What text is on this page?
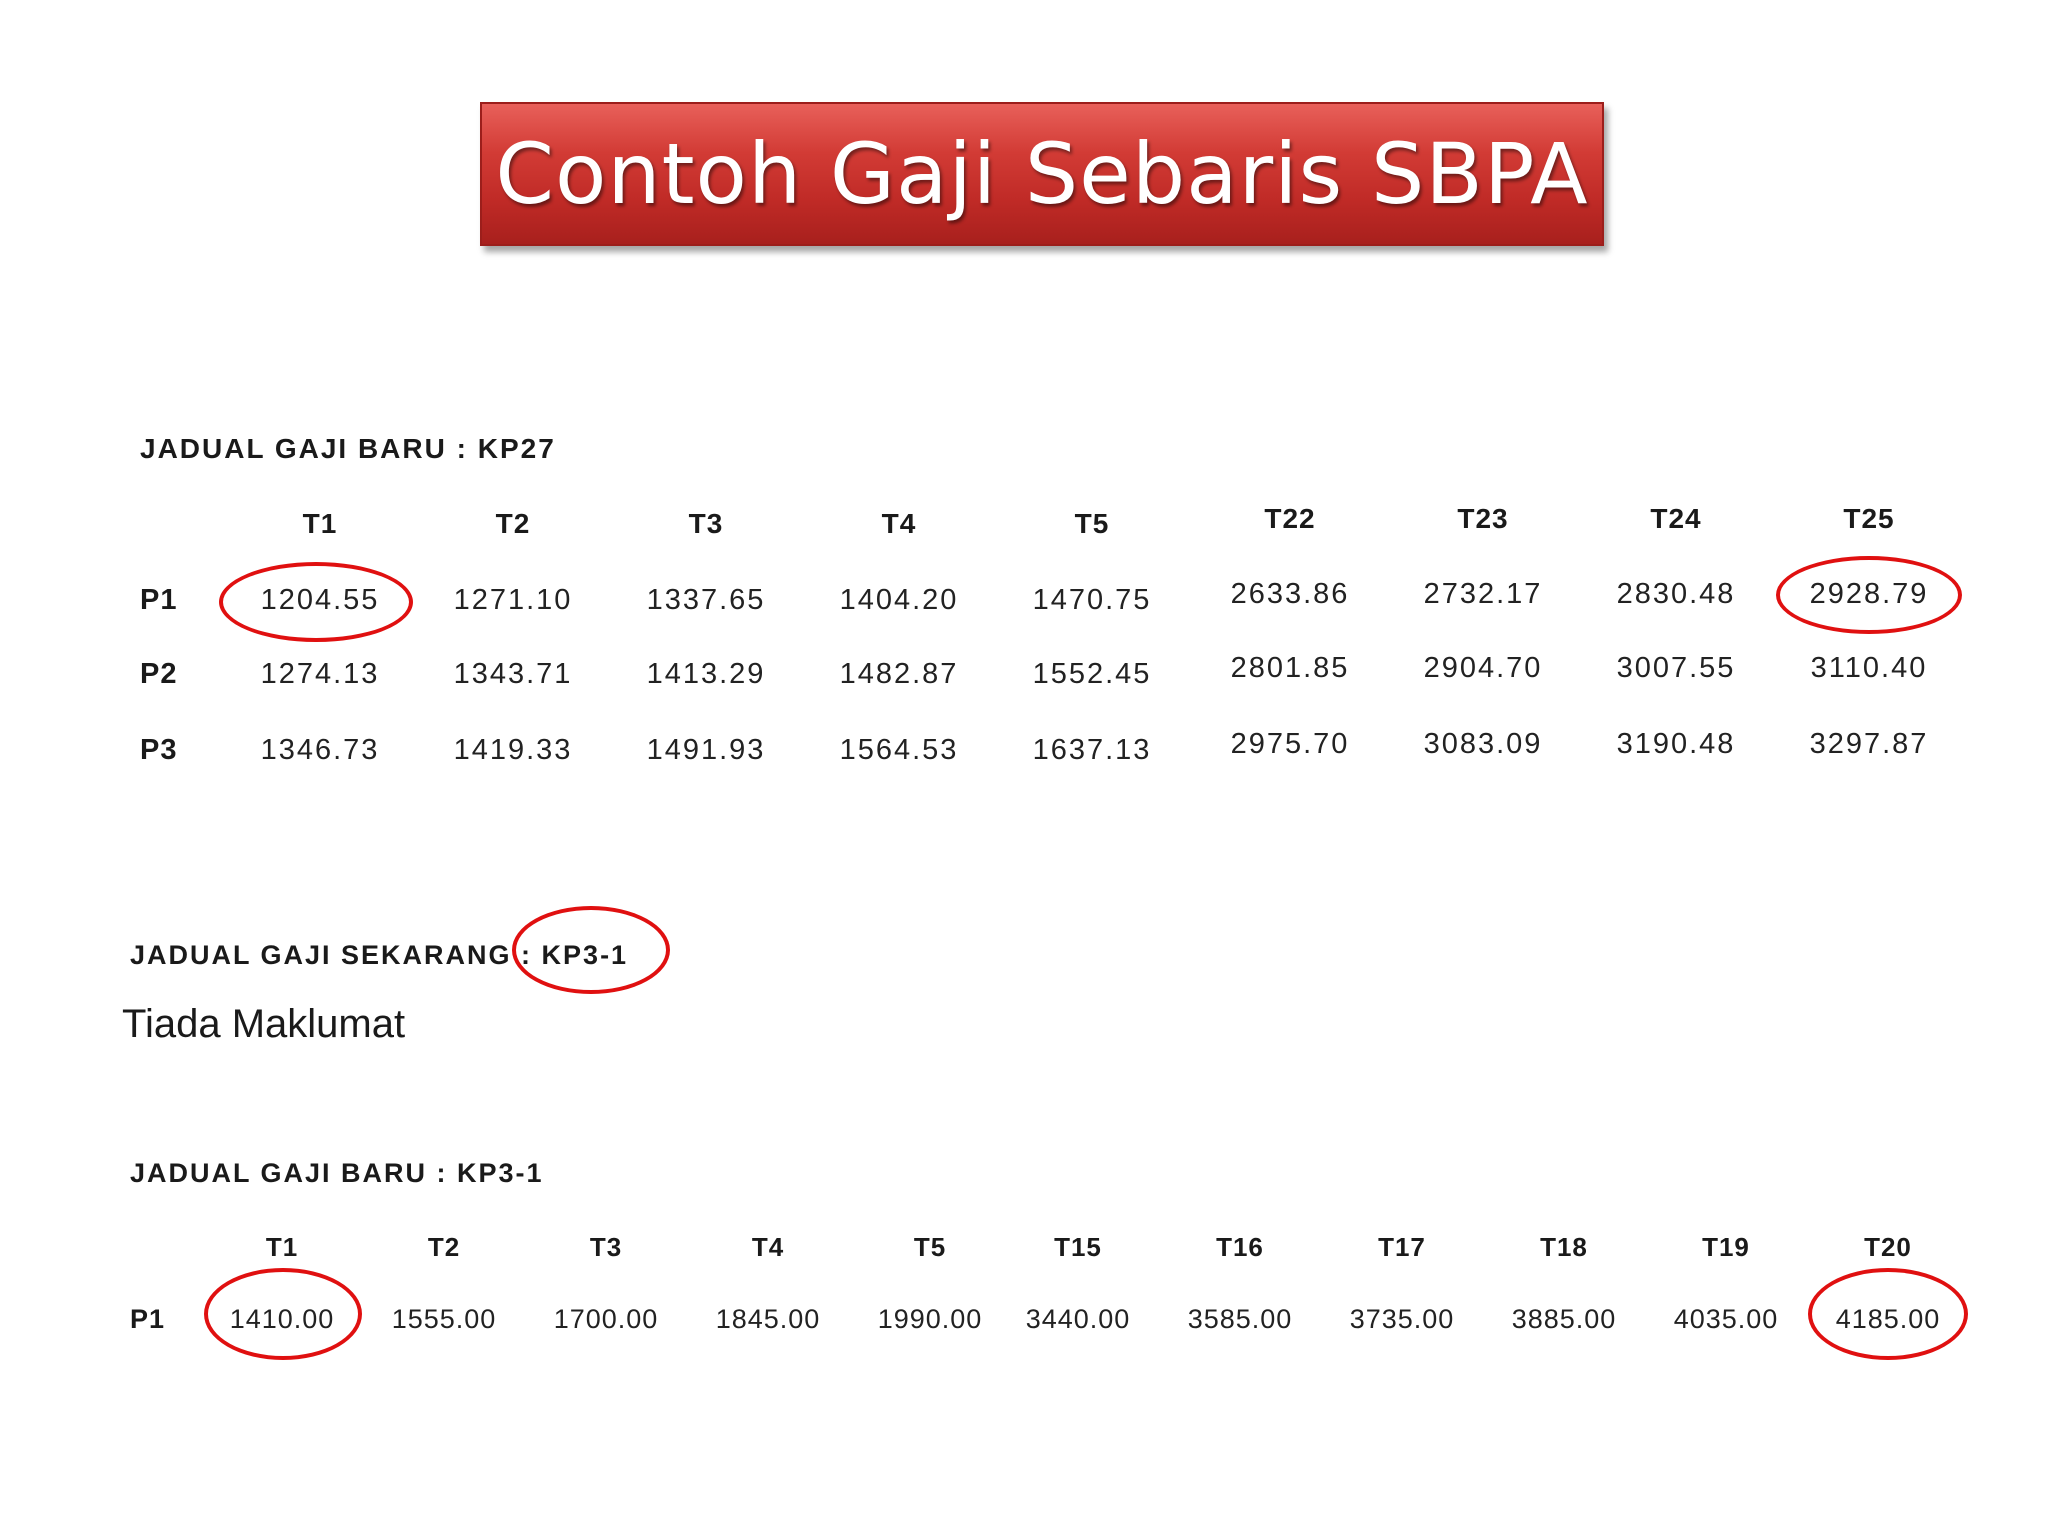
Contoh Gaji Sebaris SBPA
JADUAL GAJI BARU : KP27
T1	T2	T3	T4	T5	T22	T23	T24	T25
P1	1204.55	1271.10	1337.65	1404.20	1470.75	2633.86	2732.17	2830.48	2928.79
P2	1274.13	1343.71	1413.29	1482.87	1552.45	2801.85	2904.70	3007.55	3110.40
P3	1346.73	1419.33	1491.93	1564.53	1637.13	2975.70	3083.09	3190.48	3297.87
JADUAL GAJI SEKARANG : KP3-1
Tiada Maklumat
JADUAL GAJI BARU : KP3-1
T1	T2	T3	T4	T5	T15	T16	T17	T18	T19	T20
P1 1410.00 1555.00 1700.00 1845.00 1990.00 3440.00 3585.00 3735.00 3885.00 4035.00 4185.00
